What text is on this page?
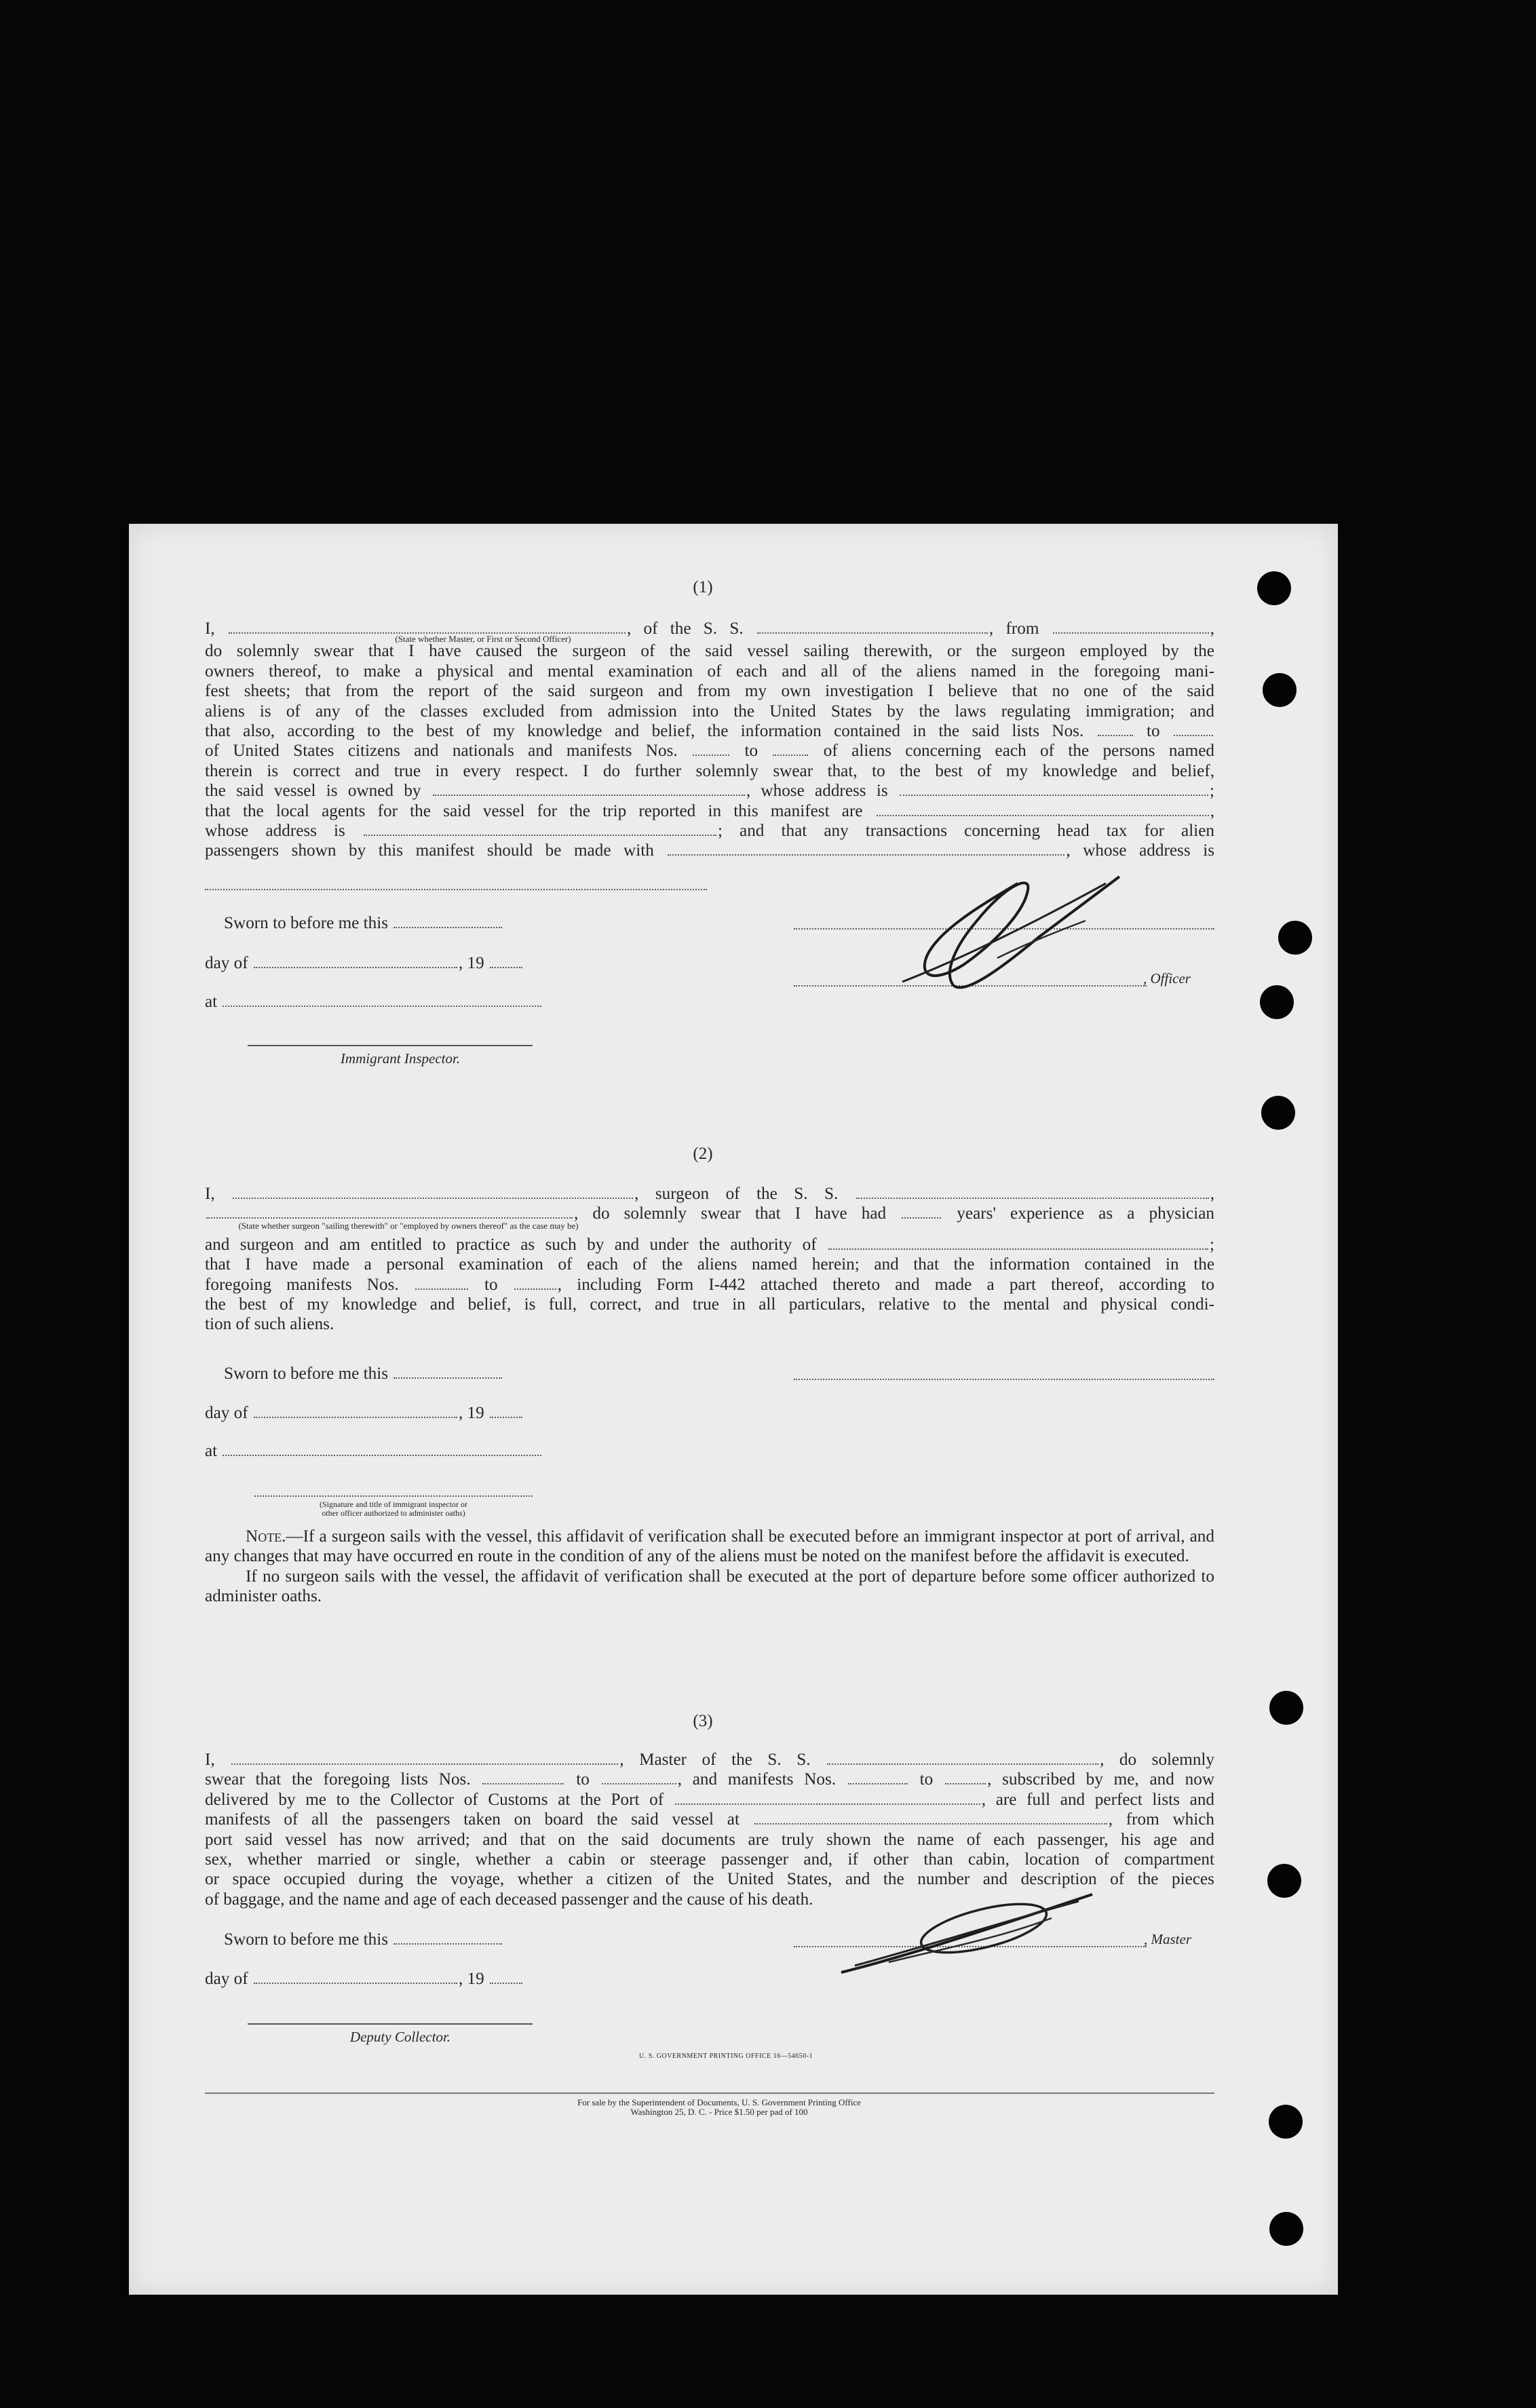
(1)
I,	, of the S. S.	, from	,
(State whether Master, or First or Second Officer)
do solemnly swear that I have caused the surgeon of the said vessel sailing therewith, or the surgeon employed by the
owners thereof, to make a physical and mental examination of each and all of the aliens named in the foregoing mani-
fest sheets; that from the report of the said surgeon and from my own investigation I believe that no one of the said
aliens is of any of the classes excluded from admission into the United States by the laws regulating immigration; and
that also, according to the best of my knowledge and belief, the information contained in the said lists Nos.	to
of United States citizens and nationals and manifests Nos.	to	of aliens concerning each of the persons named
therein is correct and true in every respect. I do further solemnly swear that, to the best of my knowledge and belief,
the said vessel is owned by	, whose address is	;
that the local agents for the said vessel for the trip reported in this manifest are	,
whose address is	; and that any transactions concerning head tax for alien
passengers shown by this manifest should be made with	, whose address is
Sworn to before me this
day of	, 19
at
Immigrant Inspector.
, Officer
(2)
I,	, surgeon of the S. S.	,
, do solemnly swear that I have had	years' experience as a physician
(State whether surgeon "sailing therewith" or "employed by owners thereof" as the case may be)
and surgeon and am entitled to practice as such by and under the authority of	;
that I have made a personal examination of each of the aliens named herein; and that the information contained in the
foregoing manifests Nos.	to	, including Form I-442 attached thereto and made a part thereof, according to
the best of my knowledge and belief, is full, correct, and true in all particulars, relative to the mental and physical condi-
tion of such aliens.
Sworn to before me this
day of	, 19
at
(Signature and title of immigrant inspector or
other officer authorized to administer oaths)

Note.—If a surgeon sails with the vessel, this affidavit of verification shall be executed before an immigrant inspector at port of arrival, and any changes that may have occurred en route in the condition of any of the aliens must be noted on the manifest before the affidavit is executed.

If no surgeon sails with the vessel, the affidavit of verification shall be executed at the port of departure before some officer authorized to administer oaths.

(3)
I,	, Master of the S. S.	, do solemnly
swear that the foregoing lists Nos.	to	, and manifests Nos.	to	, subscribed by me, and now
delivered by me to the Collector of Customs at the Port of	, are full and perfect lists and
manifests of all the passengers taken on board the said vessel at	, from which
port said vessel has now arrived; and that on the said documents are truly shown the name of each passenger, his age and
sex, whether married or single, whether a cabin or steerage passenger and, if other than cabin, location of compartment
or space occupied during the voyage, whether a citizen of the United States, and the number and description of the pieces
of baggage, and the name and age of each deceased passenger and the cause of his death.
Sworn to before me this
day of	, 19
Deputy Collector.
, Master
U. S. GOVERNMENT PRINTING OFFICE 16—54650-1
For sale by the Superintendent of Documents, U. S. Government Printing Office
Washington 25, D. C. - Price $1.50 per pad of 100
